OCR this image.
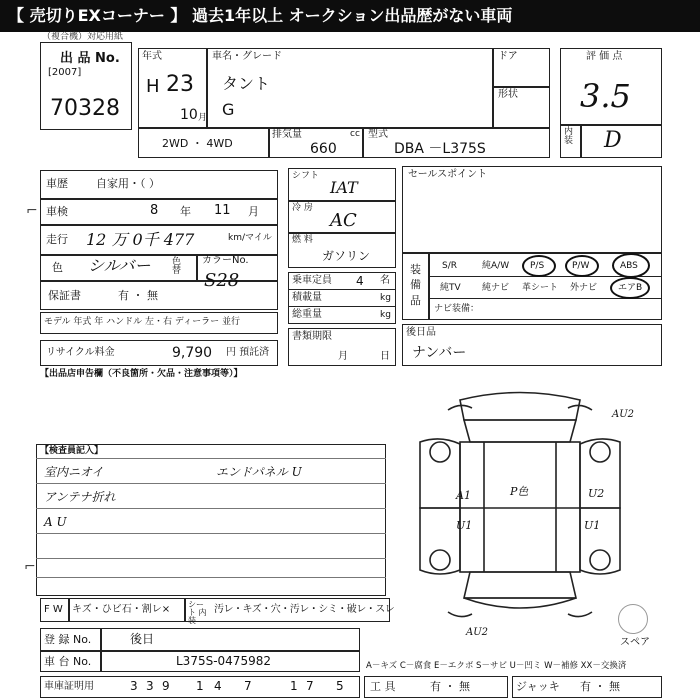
【 売切りEXコーナー 】 過去1年以上 オークション出品歴がない車両
（複合機）対応用紙
出 品 No.
[2007]
70328
年式
H 23
10 月
車名・グレード
タント
G
ドア
形状
2WD ・ 4WD
排気量	cc
660
型式
DBA －L375S
評 価 点
3.5
内装 D
車歴	自家用・（ ）
車検	8 年 11 月
走行 12 万 0千 477	km/マイル
色 シルバー 色替
カラーNo.
S28
保証書	有 ・ 無
モデル 年式 年 ハンドル 左・右 ディーラー 並行
リサイクル料金	9,790 円 預託済
シフト
IAT
冷 房
AC
燃 料
ガソリン
乗車定員 4 名
積載量	kg
総重量	kg
書類期限
月	日
セールスポイント
装 備 品
S/R	純A/W P/S	P/W	ABS
純TV 純ナビ 革シート 外ナビ エアB
ナビ装備：
後日品
ナンバー
【出品店申告欄（不良箇所・欠品・注意事項等）】
【検査員記入】
室内ニオイ	エンドパネル U
アンテナ折れ
A U
AU2
A1	P色	U2
U1	U1
AU2
スペア
F W キズ・ひビ石・割レ× シート 内 装
汚レ・キズ・穴・汚レ・シミ・破レ・スレ
登 録 No.	後日
車 台 No.	L375S-0475982	A－キズ C－腐食 E－エクボ S－サビ U－凹ミ W－補修 XX－交換済
車庫証明用	3 3 9 1 4 7	1 7 5 工 具	有 ・ 無	ジャッキ 有 ・ 無
⌐
⌐
